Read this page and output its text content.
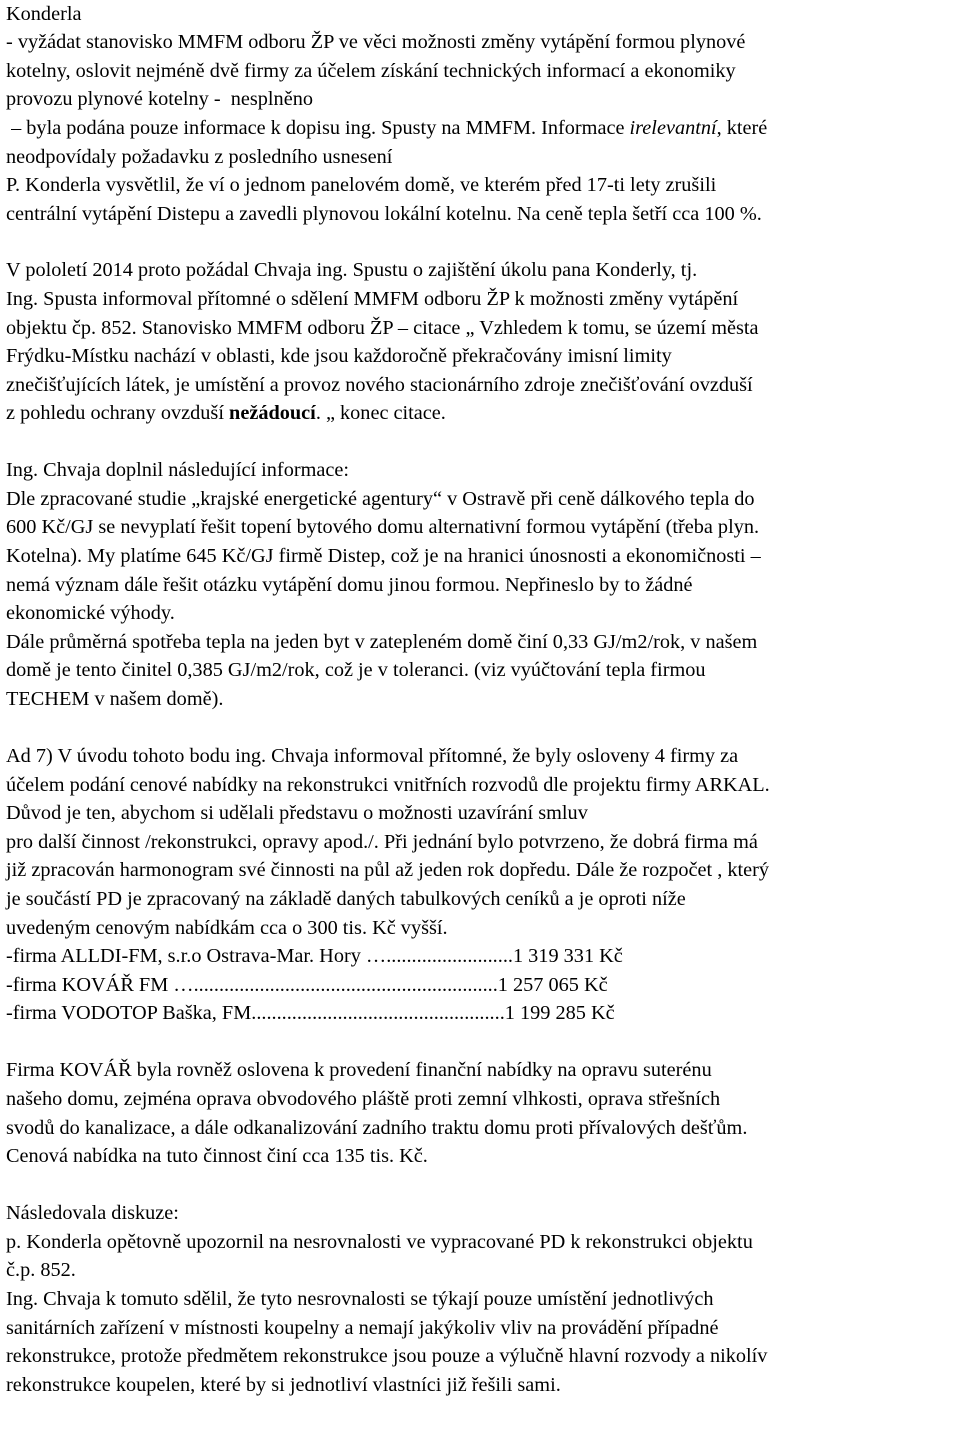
Konderla
- vyžádat stanovisko MMFM odboru ŽP ve věci možnosti změny vytápění formou plynové
kotelny, oslovit nejméně dvě firmy za účelem získání technických informací a ekonomiky
provozu plynové kotelny -  nesplněno
– byla podána pouze informace k dopisu ing. Spusty na MMFM. Informace irelevantní, které
neodpovídaly požadavku z posledního usnesení
P. Konderla vysvětlil, že ví o jednom panelovém domě, ve kterém před 17-ti lety zrušili
centrální vytápění Distepu a zavedli plynovou lokální kotelnu. Na ceně tepla šetří cca 100 %.
V pololetí 2014 proto požádal Chvaja ing. Spustu o zajištění úkolu pana Konderly, tj.
Ing. Spusta informoval přítomné o sdělení MMFM odboru ŽP k možnosti změny vytápění
objektu čp. 852. Stanovisko MMFM odboru ŽP – citace „ Vzhledem k tomu, se území města
Frýdku-Místku nachází v oblasti, kde jsou každoročně překračovány imisní limity
znečišťujících látek, je umístění a provoz nového stacionárního zdroje znečišťování ovzduší
z pohledu ochrany ovzduší nežádoucí. „ konec citace.
Ing. Chvaja doplnil následující informace:
Dle zpracované studie „krajské energetické agentury“ v Ostravě při ceně dálkového tepla do
600 Kč/GJ se nevyplatí řešit topení bytového domu alternativní formou vytápění (třeba plyn.
Kotelna). My platíme 645 Kč/GJ firmě Distep, což je na hranici únosnosti a ekonomičnosti –
nemá význam dále řešit otázku vytápění domu jinou formou. Nepřineslo by to žádné
ekonomické výhody.
Dále průměrná spotřeba tepla na jeden byt v zatepleném domě činí 0,33 GJ/m2/rok, v našem
domě je tento činitel 0,385 GJ/m2/rok, což je v toleranci. (viz vyúčtování tepla firmou
TECHEM v našem domě).
Ad 7) V úvodu tohoto bodu ing. Chvaja informoval přítomné, že byly osloveny 4 firmy za
účelem podání cenové nabídky na rekonstrukci vnitřních rozvodů dle projektu firmy ARKAL.
Důvod je ten, abychom si udělali představu o možnosti uzavírání smluv
pro další činnost /rekonstrukci, opravy apod./. Při jednání bylo potvrzeno, že dobrá firma má
již zpracován harmonogram své činnosti na půl až jeden rok dopředu. Dále že rozpočet , který
je součástí PD je zpracovaný na základě daných tabulkových ceníků a je oproti níže
uvedeným cenovým nabídkám cca o 300 tis. Kč vyšší.
-firma ALLDI-FM, s.r.o Ostrava-Mar. Hory ….........................1 319 331 Kč
-firma KOVÁŘ FM …............................................................1 257 065 Kč
-firma VODOTOP Baška, FM..................................................1 199 285 Kč
Firma KOVÁŘ byla rovněž oslovena k provedení finanční nabídky na opravu suterénu
našeho domu, zejména oprava obvodového pláště proti zemní vlhkosti, oprava střešních
svodů do kanalizace, a dále odkanalizování zadního traktu domu proti přívalových dešťům.
Cenová nabídka na tuto činnost činí cca 135 tis. Kč.
Následovala diskuze:
p. Konderla opětovně upozornil na nesrovnalosti ve vypracované PD k rekonstrukci objektu
č.p. 852.
Ing. Chvaja k tomuto sdělil, že tyto nesrovnalosti se týkají pouze umístění jednotlivých
sanitárních zařízení v místnosti koupelny a nemají jakýkoliv vliv na provádění případné
rekonstrukce, protože předmětem rekonstrukce jsou pouze a výlučně hlavní rozvody a nikolív
rekonstrukce koupelen, které by si jednotliví vlastníci již řešili sami.
